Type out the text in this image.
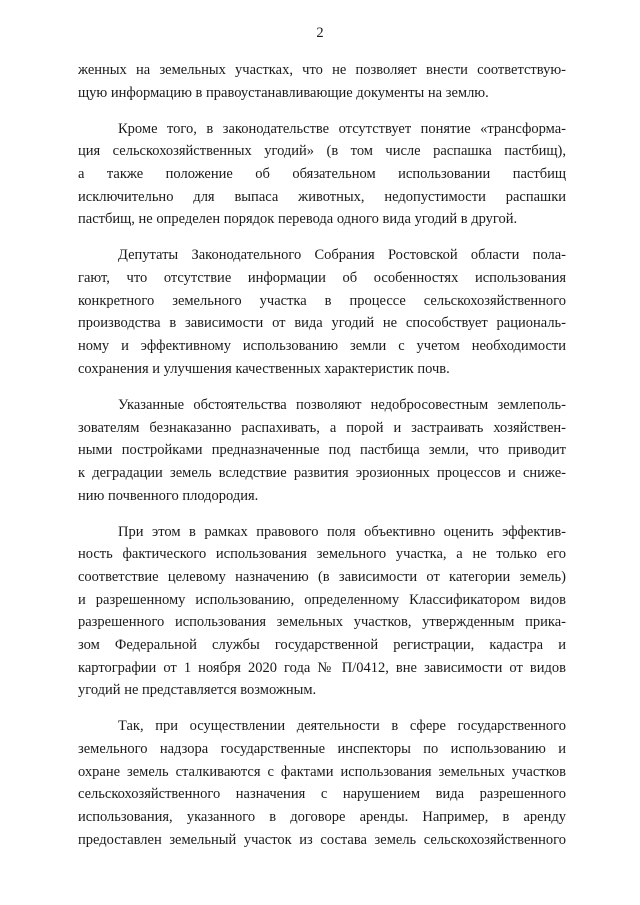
2
женных на земельных участках, что не позволяет внести соответствую-
щую информацию в правоустанавливающие документы на землю.
Кроме того, в законодательстве отсутствует понятие «трансформа-
ция сельскохозяйственных угодий» (в том числе распашка пастбищ),
а также положение об обязательном использовании пастбищ
исключительно для выпаса животных, недопустимости распашки
пастбищ, не определен порядок перевода одного вида угодий в другой.
Депутаты Законодательного Собрания Ростовской области пола-
гают, что отсутствие информации об особенностях использования
конкретного земельного участка в процессе сельскохозяйственного
производства в зависимости от вида угодий не способствует рациональ-
ному и эффективному использованию земли с учетом необходимости
сохранения и улучшения качественных характеристик почв.
Указанные обстоятельства позволяют недобросовестным землеполь-
зователям безнаказанно распахивать, а порой и застраивать хозяйствен-
ными постройками предназначенные под пастбища земли, что приводит
к деградации земель вследствие развития эрозионных процессов и сниже-
нию почвенного плодородия.
При этом в рамках правового поля объективно оценить эффектив-
ность фактического использования земельного участка, а не только его
соответствие целевому назначению (в зависимости от категории земель)
и разрешенному использованию, определенному Классификатором видов
разрешенного использования земельных участков, утвержденным прика-
зом Федеральной службы государственной регистрации, кадастра и
картографии от 1 ноября 2020 года № П/0412, вне зависимости от видов
угодий не представляется возможным.
Так, при осуществлении деятельности в сфере государственного
земельного надзора государственные инспекторы по использованию и
охране земель сталкиваются с фактами использования земельных участков
сельскохозяйственного назначения с нарушением вида разрешенного
использования, указанного в договоре аренды. Например, в аренду
предоставлен земельный участок из состава земель сельскохозяйственного
